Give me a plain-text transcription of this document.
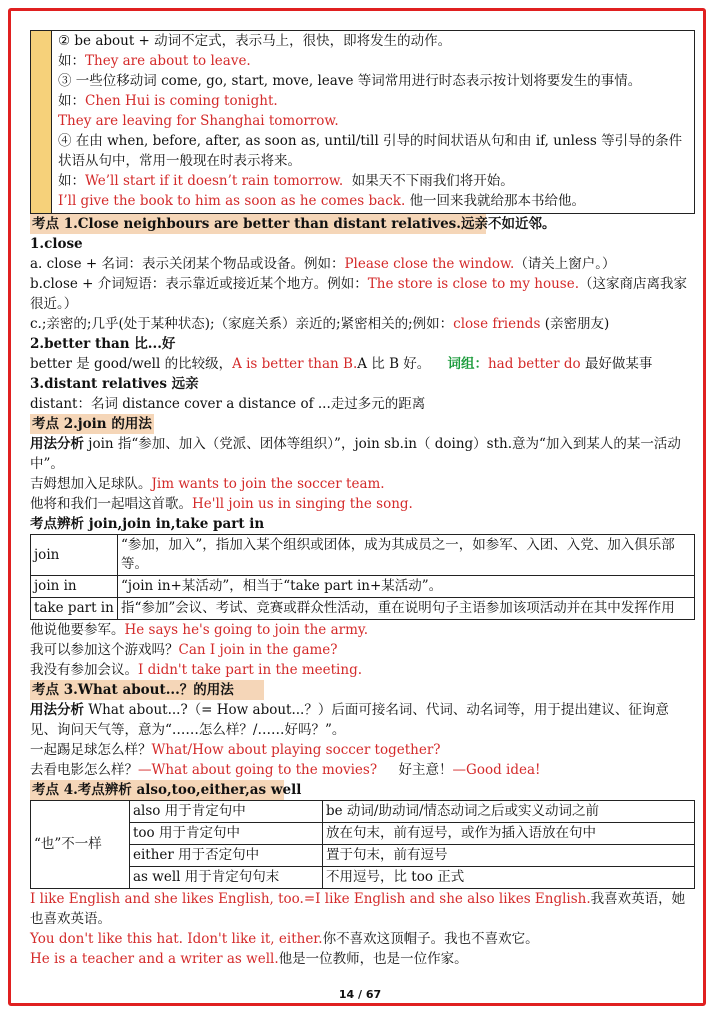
② be about + 动词不定式，表示马上，很快，即将发生的动作。
如：They are about to leave.
③ 一些位移动词 come, go, start, move, leave 等词常用进行时态表示按计划将要发生的事情。
如：Chen Hui is coming tonight.
They are leaving for Shanghai tomorrow.
④ 在由 when, before, after, as soon as, until/till 引导的时间状语从句和由 if, unless 等引导的条件状语从句中，常用一般现在时表示将来。
如：We’ll start if it doesn’t rain tomorrow. 如果天不下雨我们将开始。
I’ll give the book to him as soon as he comes back. 他一回来我就给那本书给他。
考点 1.Close neighbours are better than distant relatives.远亲不如近邻。
1.close
a. close + 名词：表示关闭某个物品或设备。例如：Please close the window.（请关上窗户。）
b.close + 介词短语：表示靠近或接近某个地方。例如：The store is close to my house.（这家商店离我家很近。）
c.;亲密的;几乎(处于某种状态);（家庭关系）亲近的;紧密相关的;例如：close friends (亲密朋友)
2.better than 比...好
better 是 good/well 的比较级，A is better than B.A 比 B 好。 词组：had better do 最好做某事
3.distant relatives 远亲
distant：名词 distance cover a distance of ...走过多元的距离
考点 2.join 的用法
用法分析 join 指“参加、加入（党派、团体等组织）”，join sb.in（ doing）sth.意为“加入到某人的某一活动中”。
吉姆想加入足球队。Jim wants to join the soccer team.
他将和我们一起唱这首歌。He'll join us in singing the song.
考点辨析 join,join in,take part in
join	“参加，加入”，指加入某个组织或团体，成为其成员之一，如参军、入团、入党、加入俱乐部等。
join in	“join in+某活动”，相当于“take part in+某活动”。
take part in	指“参加”会议、考试、竞赛或群众性活动，重在说明句子主语参加该项活动并在其中发挥作用
他说他要参军。He says he's going to join the army.
我可以参加这个游戏吗？Can I join in the game?
我没有参加会议。I didn't take part in the meeting.
考点 3.What about...？的用法
用法分析 What about...?（= How about...？）后面可接名词、代词、动名词等，用于提出建议、征询意见、询问天气等，意为“……怎么样？/……好吗？”。
一起踢足球怎么样？What/How about playing soccer together?
去看电影怎么样？—What about going to the movies? 好主意！—Good idea!
考点 4.考点辨析 also,too,either,as well
“也”不一样	also 用于肯定句中	be 动词/助动词/情态动词之后或实义动词之前
	too 用于肯定句中	放在句末，前有逗号，或作为插入语放在句中
	either 用于否定句中	置于句末，前有逗号
	as well 用于肯定句句末	不用逗号，比 too 正式
I like English and she likes English, too.=I like English and she also likes English.我喜欢英语，她也喜欢英语。
You don't like this hat. Idon't like it, either.你不喜欢这顶帽子。我也不喜欢它。
He is a teacher and a writer as well.他是一位教师，也是一位作家。
14 / 67
